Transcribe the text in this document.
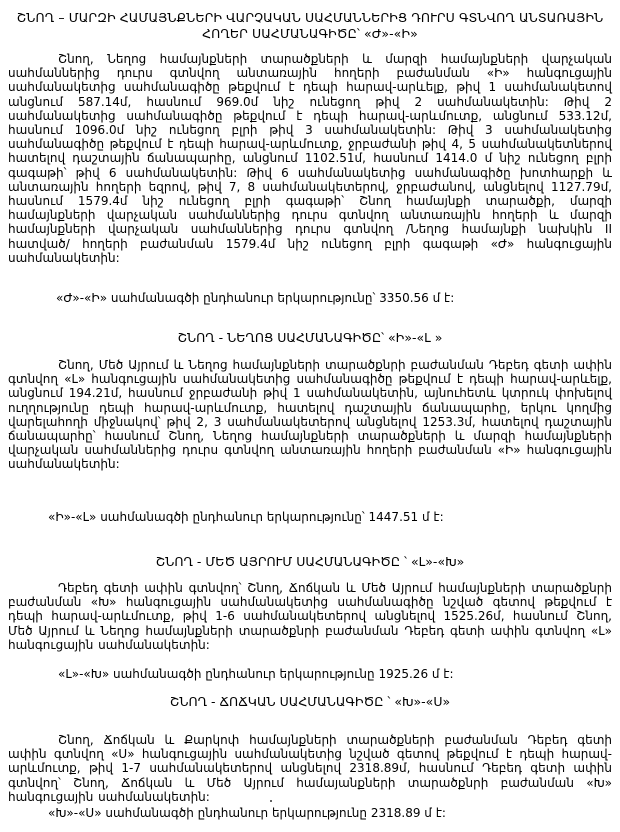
ՇՆՈՂ – ՄԱՐԶԻ ՀԱՄԱՅՆՔՆԵՐԻ ՎԱՐՉԱԿԱՆ ՍԱՀՄԱՆՆԵՐԻՑ ԴՈՒՐՍ ԳՏՆՎՈՂ ԱՆՏԱՌԱՅԻՆ ՀՈՂԵՐ ՍԱՀՄԱՆԱԳԻԾԸ՝ «Ժ»-«Ի»
Շնող, Նեղոց համայնքների տարածքների և մարզի համայնքների վարչական սահմաններից դուրս գտնվող անտառային հողերի բաժանման «Ի» հանգուցային սահմանակետից սահմանագիծը թեքվում է դեպի հարավ-արևելք, թիվ 1 սահմանակետով անցնում 587.14մ, հասնում 969.0մ նիշ ունեցող թիվ 2 սահմանակետին: Թիվ 2 սահմանակետից սահմանագիծը թեքվում է դեպի հարավ-արևմուտք, անցնում 533.12մ, հասնում 1096.0մ նիշ ունեցող բլրի թիվ 3 սահմանակետին: Թիվ 3 սահմանակետից սահմանագիծը թեքվում է դեպի հարավ-արևմուտք, ջրբաժանի թիվ 4, 5 սահմանակետներով հատելով դաշտային ճանապարհը, անցնում 1102.51մ, հասնում 1414.0 մ նիշ ունեցող բլրի գագաթի՝ թիվ 6 սահմանակետին: Թիվ 6 սահմանակետից սահմանագիծը խոտհարքի և անտառային հողերի եզրով, թիվ 7, 8 սահմանակետերով, ջրբաժանով, անցնելով 1127.79մ, հասնում 1579.4մ նիշ ունեցող բլրի գագաթի՝ Շնող համայնքի տարածքի, մարզի համայնքների վարչական սահմաններից դուրս գտնվող անտառային հողերի և մարզի համայնքների վարչական սահմաններից դուրս գտնվող /Նեղոց համայնքի նախկին II հատված/ հողերի բաժանման 1579.4մ նիշ ունեցող բլրի գագաթի «Ժ» հանգուցային սահմանակետին:
«Ժ»-«Ի» սահմանագծի ընդհանուր երկարությունը՝ 3350.56 մ է:
ՇՆՈՂ - ՆԵՂՈՑ ՍԱՀՄԱՆԱԳԻԾԸ՝ «Ի»-«Լ »
Շնող, Մեծ Այրում և Նեղոց համայնքների տարածքնրի բաժանման Դեբեդ գետի ափին գտնվող «Լ» հանգուցային սահմանակետից սահմանագիծը թեքվում է դեպի հարավ-արևելք, անցնում 194.21մ, հասնում ջրբաժանի թիվ 1 սահմանակետին, այնուհետև կտրուկ փոխելով ուղղությունը դեպի հարավ-արևմուտք, հատելով դաշտային ճանապարհը, երկու կողմից վարելահողի միջնակով՝ թիվ 2, 3 սահմանակետերով անցնելով 1253.3մ, հատելով դաշտային ճանապարհը՝ հասնում Շնող, Նեղոց համայնքների տարածքների և մարզի համայնքների վարչական սահմաններից դուրս գտնվող անտառային հողերի բաժանման «Ի» հանգուցային սահմանակետին:
«Ի»-«Լ» սահմանագծի ընդհանուր երկարությունը՝ 1447.51 մ է:
ՇՆՈՂ - ՄԵԾ ԱՅՐՈՒՄ ՍԱՀՄԱՆԱԳԻԾԸ ՝ «Լ»-«Խ»
Դեբեդ գետի ափին գտնվող՝ Շնող, Ճոճկան և Մեծ Այրում համայնքների տարածքնրի բաժանման «Խ» հանգուցային սահմանակետից սահմանագիծը նշված գետով թեքվում է դեպի հարավ-արևմուտք, թիվ 1-6 սահմանակետերով անցնելով 1525.26մ, հասնում Շնող, Մեծ Այրում և Նեղոց համայնքների տարածքնրի բաժանման Դեբեդ գետի ափին գտնվող «Լ» հանգուցային սահմանակետին:
«Լ»-«Խ» սահմանագծի ընդհանուր երկարությունը 1925.26 մ է:
ՇՆՈՂ - ՃՈՃԿԱՆ ՍԱՀՄԱՆԱԳԻԾԸ ՝ «Խ»-«Ս»
Շնող, Ճոճկան և Քարկոփ համայնքների տարածքների բաժանման Դեբեդ գետի ափին գտնվող «Ս» հանգուցային սահմանակետից նշված գետով թեքվում է դեպի հարավ-արևմուտք, թիվ 1-7 սահմանակետերով անցնելով 2318.89մ, հասնում Դեբեդ գետի ափին գտնվող՝ Շնող, Ճոճկան և Մեծ Այրում համայանքների տարածքնրի բաժանման «Խ» հանգուցային սահմանակետին:
«Խ»-«Ս» սահմանագծի ընդհանուր երկարությունը 2318.89 մ է:
